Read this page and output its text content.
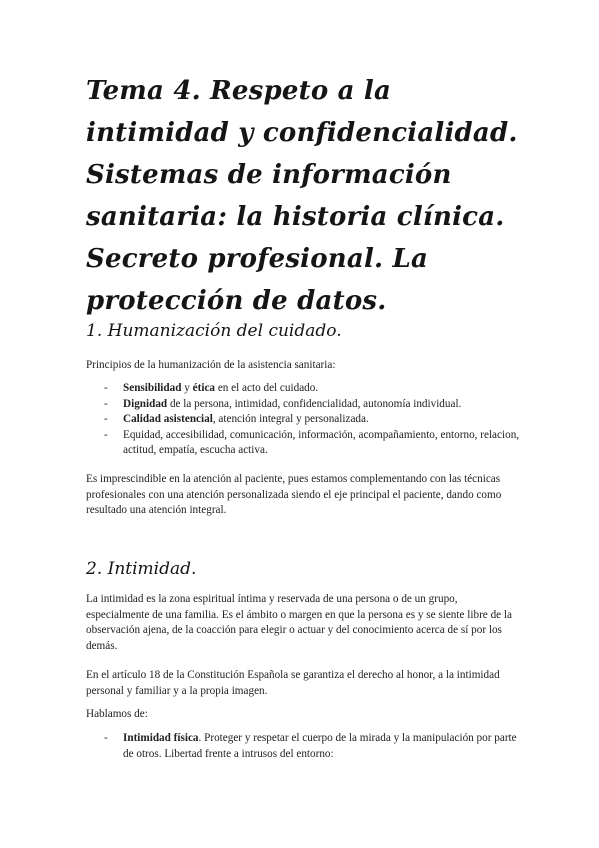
Tema 4. Respeto a la intimidad y confidencialidad. Sistemas de información sanitaria: la historia clínica. Secreto profesional. La protección de datos.
1. Humanización del cuidado.

Principios de la humanización de la asistencia sanitaria:

- Sensibilidad y ética en el acto del cuidado.
- Dignidad de la persona, intimidad, confidencialidad, autonomía individual.
- Calidad asistencial, atención integral y personalizada.
- Equidad, accesibilidad, comunicación, información, acompañamiento, entorno, relacion, actitud, empatía, escucha activa.

Es imprescindible en la atención al paciente, pues estamos complementando con las técnicas profesionales con una atención personalizada siendo el eje principal el paciente, dando como resultado una atención integral.

2. Intimidad.

La intimidad es la zona espiritual íntima y reservada de una persona o de un grupo, especialmente de una familia. Es el ámbito o margen en que la persona es y se siente libre de la observación ajena, de la coacción para elegir o actuar y del conocimiento acerca de sí por los demás.

En el artículo 18 de la Constitución Española se garantiza el derecho al honor, a la intimidad personal y familiar y a la propia imagen.

Hablamos de:

- Intimidad física. Proteger y respetar el cuerpo de la mirada y la manipulación por parte de otros. Libertad frente a intrusos del entorno:
